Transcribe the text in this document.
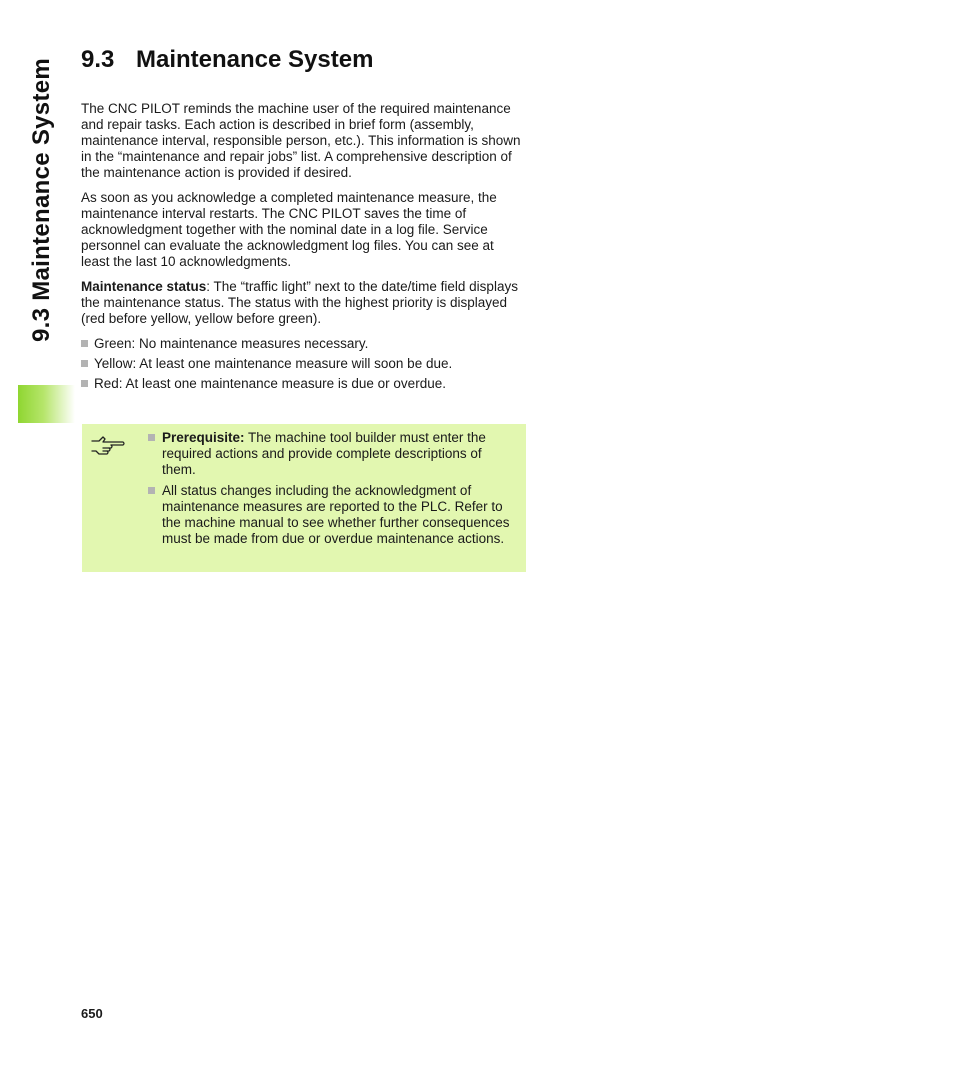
9.3 Maintenance System 9.3 Maintenance System

The CNC PILOT reminds the machine user of the required maintenance and repair tasks. Each action is described in brief form (assembly, maintenance interval, responsible person, etc.). This information is shown in the “maintenance and repair jobs” list. A comprehensive description of the maintenance action is provided if desired.

As soon as you acknowledge a completed maintenance measure, the maintenance interval restarts. The CNC PILOT saves the time of acknowledgment together with the nominal date in a log file. Service personnel can evaluate the acknowledgment log files. You can see at least the last 10 acknowledgments.

Maintenance status: The “traffic light” next to the date/time field displays the maintenance status. The status with the highest priority is displayed (red before yellow, yellow before green).

Green: No maintenance measures necessary.
Yellow: At least one maintenance measure will soon be due.
Red: At least one maintenance measure is due or overdue.
Prerequisite: The machine tool builder must enter the required actions and provide complete descriptions of them.
All status changes including the acknowledgment of maintenance measures are reported to the PLC. Refer to the machine manual to see whether further consequences must be made from due or overdue maintenance actions.
650
